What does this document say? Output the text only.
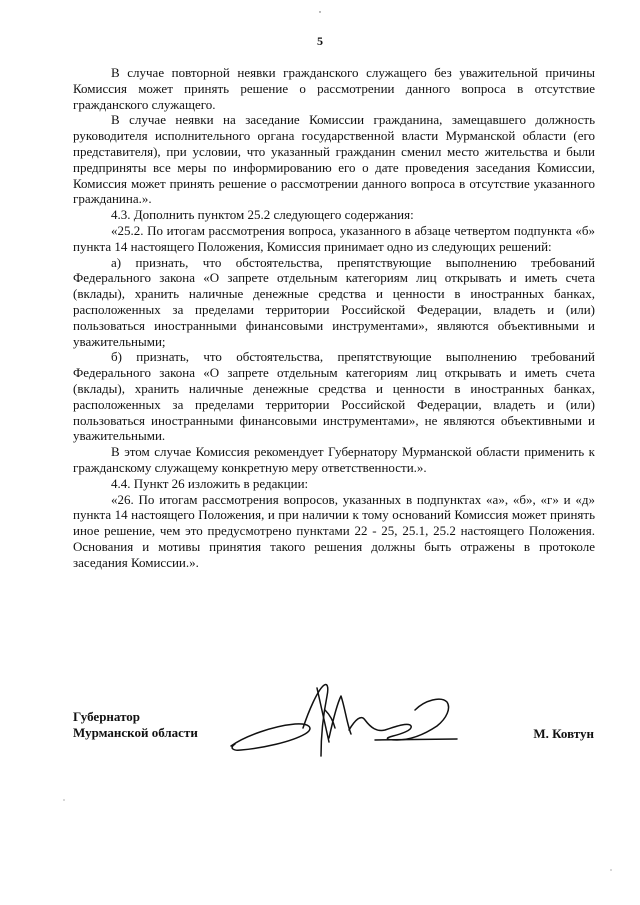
5

В случае повторной неявки гражданского служащего без уважительной причины Комиссия может принять решение о рассмотрении данного вопроса в отсутствие гражданского служащего.

В случае неявки на заседание Комиссии гражданина, замещавшего должность руководителя исполнительного органа государственной власти Мурманской области (его представителя), при условии, что указанный гражданин сменил место жительства и были предприняты все меры по информированию его о дате проведения заседания Комиссии, Комиссия может принять решение о рассмотрении данного вопроса в отсутствие указанного гражданина.».

4.3. Дополнить пунктом 25.2 следующего содержания:

«25.2. По итогам рассмотрения вопроса, указанного в абзаце четвертом подпункта «б» пункта 14 настоящего Положения, Комиссия принимает одно из следующих решений:

а) признать, что обстоятельства, препятствующие выполнению требований Федерального закона «О запрете отдельным категориям лиц открывать и иметь счета (вклады), хранить наличные денежные средства и ценности в иностранных банках, расположенных за пределами территории Российской Федерации, владеть и (или) пользоваться иностранными финансовыми инструментами», являются объективными и уважительными;

б) признать, что обстоятельства, препятствующие выполнению требований Федерального закона «О запрете отдельным категориям лиц открывать и иметь счета (вклады), хранить наличные денежные средства и ценности в иностранных банках, расположенных за пределами территории Российской Федерации, владеть и (или) пользоваться иностранными финансовыми инструментами», не являются объективными и уважительными.

В этом случае Комиссия рекомендует Губернатору Мурманской области применить к гражданскому служащему конкретную меру ответственности.».

4.4. Пункт 26 изложить в редакции:

«26. По итогам рассмотрения вопросов, указанных в подпунктах «а», «б», «г» и «д» пункта 14 настоящего Положения, и при наличии к тому оснований Комиссия может принять иное решение, чем это предусмотрено пунктами 22 - 25, 25.1, 25.2 настоящего Положения. Основания и мотивы принятия такого решения должны быть отражены в протоколе заседания Комиссии.».

Губернатор
Мурманской области	М. Ковтун
